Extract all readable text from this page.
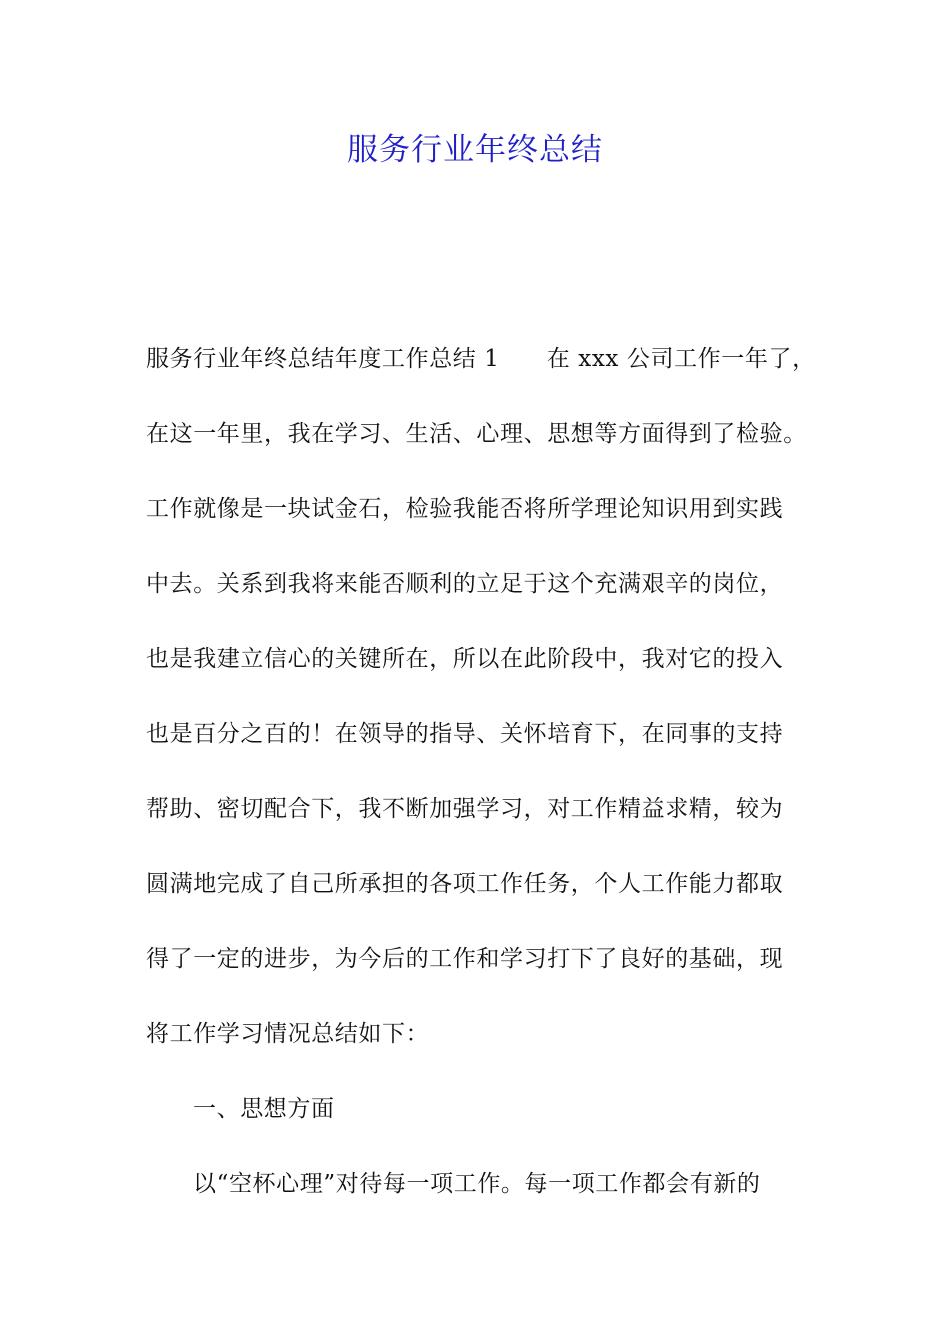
服务行业年终总结
服务行业年终总结年度工作总结 1　　在 xxx 公司工作一年了，
在这一年里，我在学习、生活、心理、思想等方面得到了检验。
工作就像是一块试金石，检验我能否将所学理论知识用到实践
中去。关系到我将来能否顺利的立足于这个充满艰辛的岗位，
也是我建立信心的关键所在，所以在此阶段中，我对它的投入
也是百分之百的！在领导的指导、关怀培育下，在同事的支持
帮助、密切配合下，我不断加强学习，对工作精益求精，较为
圆满地完成了自己所承担的各项工作任务，个人工作能力都取
得了一定的进步，为今后的工作和学习打下了良好的基础，现
将工作学习情况总结如下：
一、思想方面
以“空杯心理”对待每一项工作。每一项工作都会有新的
